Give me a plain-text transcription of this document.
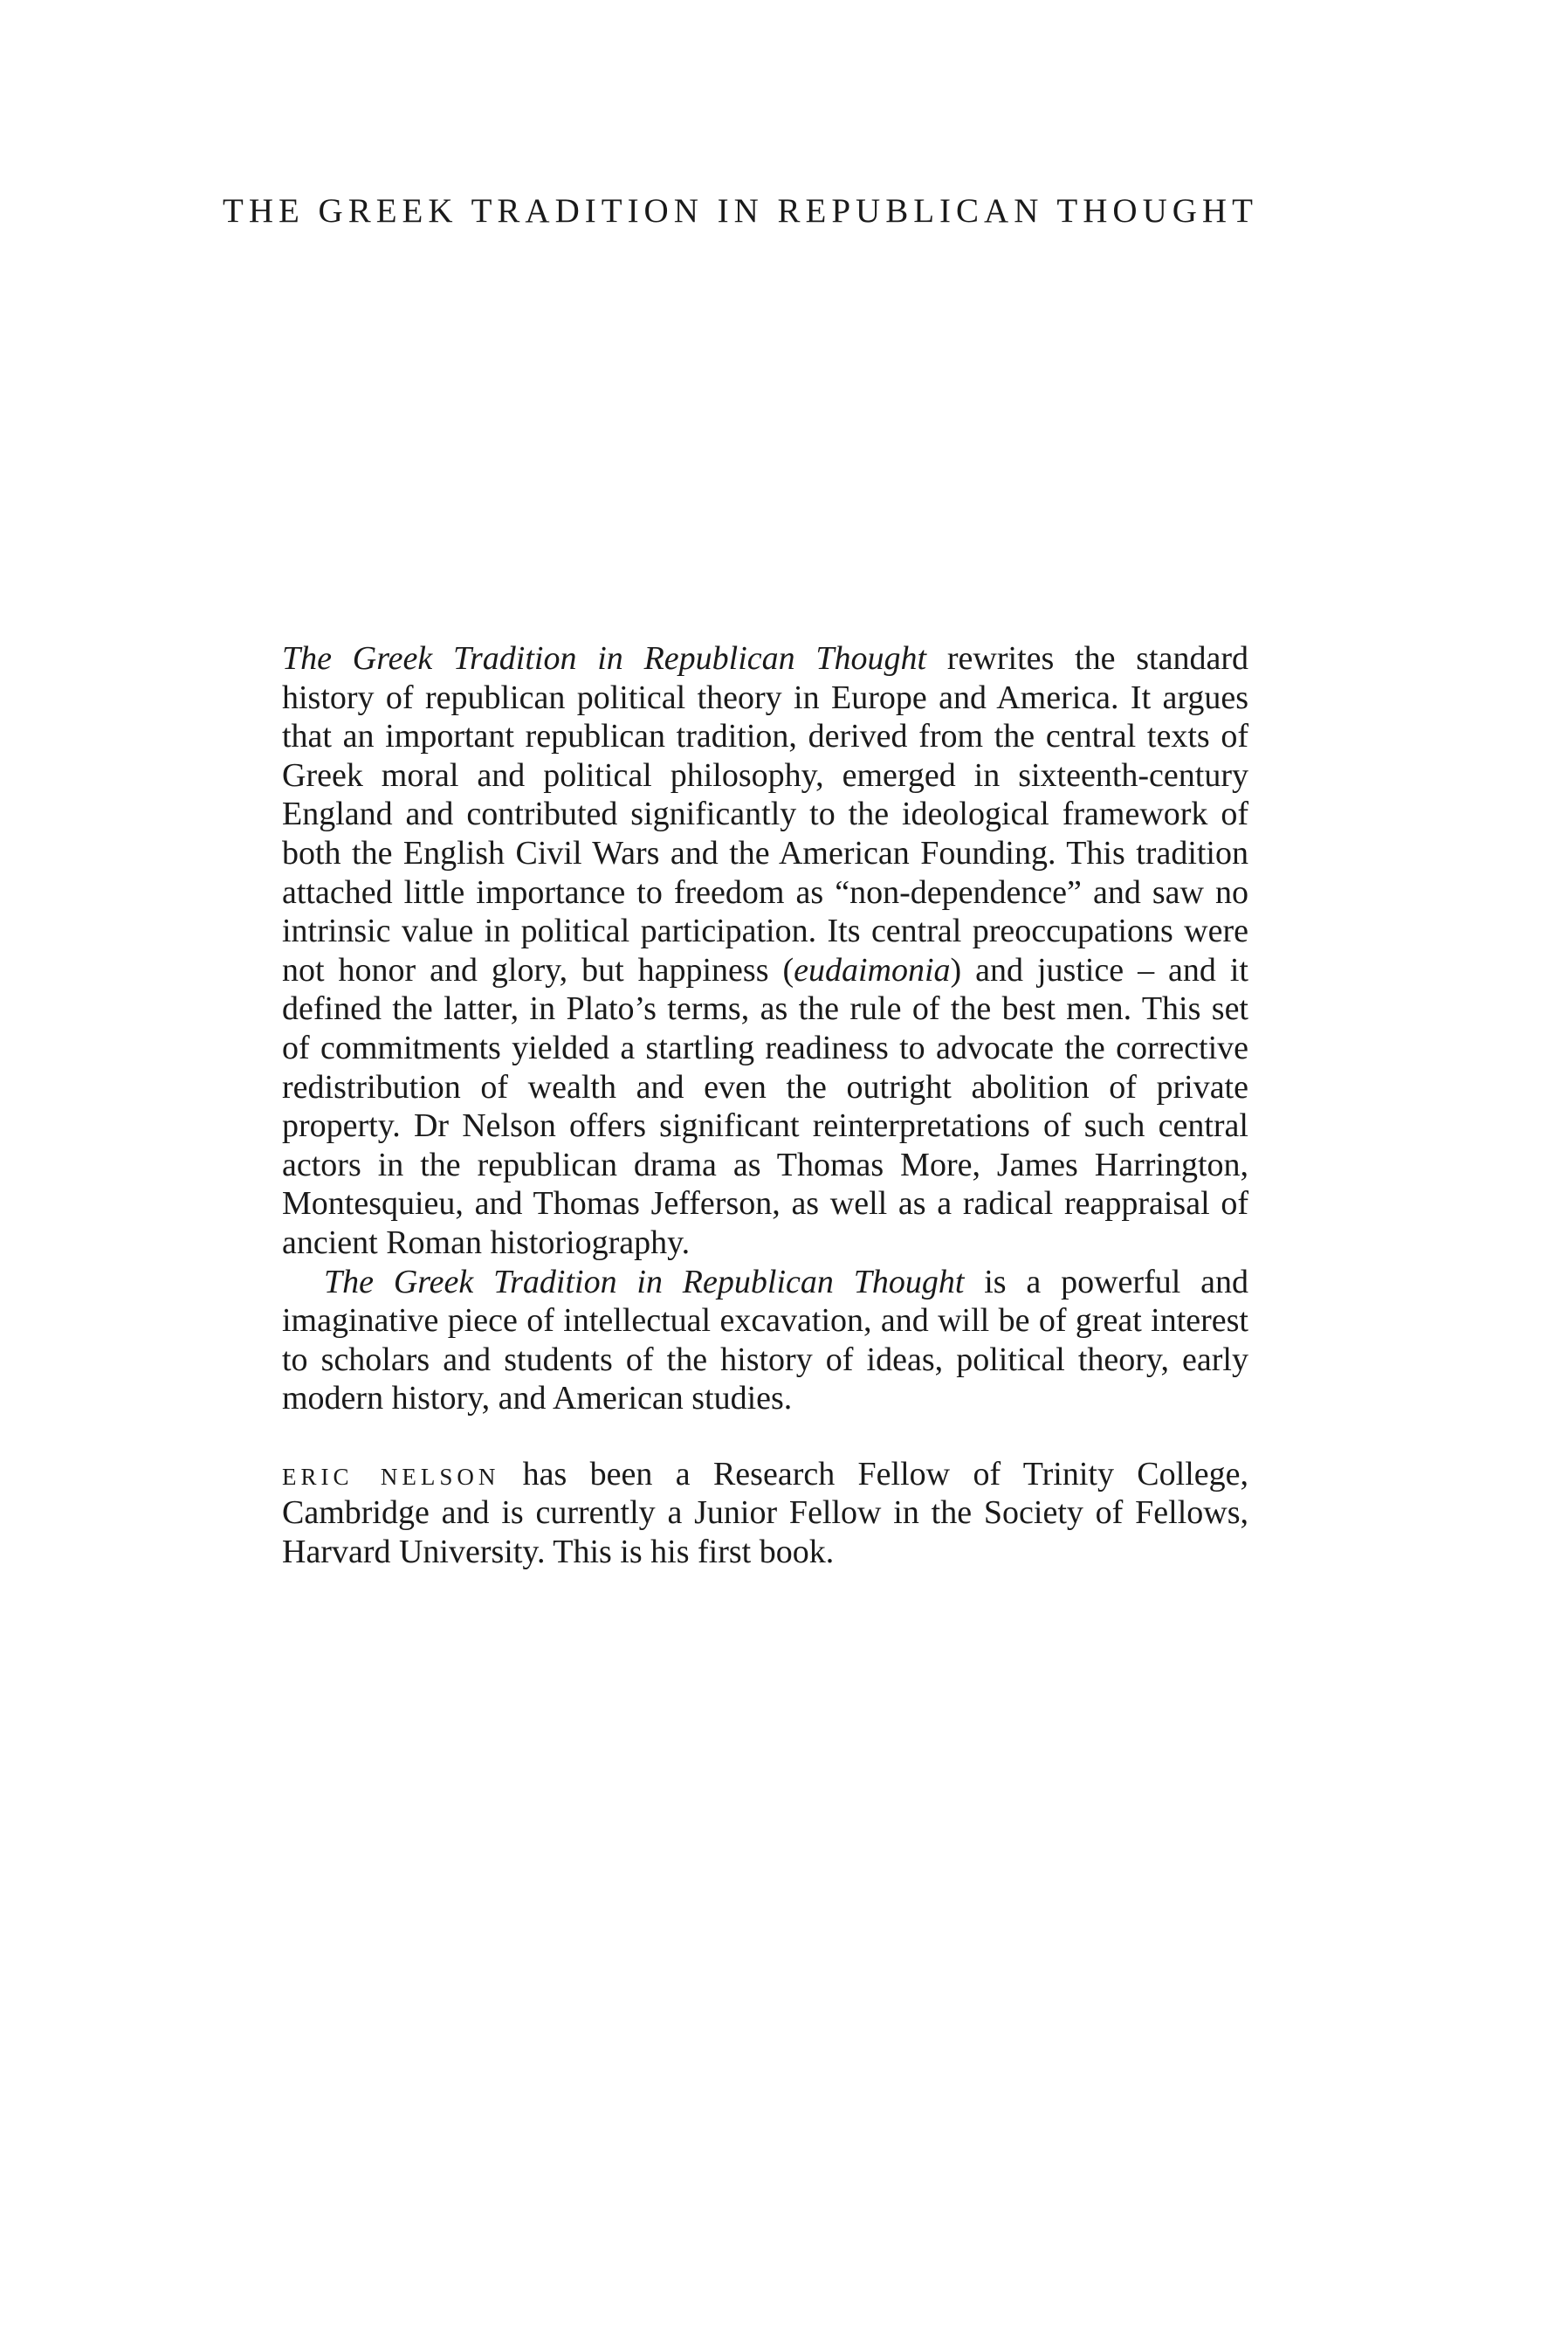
THE GREEK TRADITION IN REPUBLICAN THOUGHT

The Greek Tradition in Republican Thought rewrites the standard history of republican political theory in Europe and America. It argues that an important republican tradition, derived from the central texts of Greek moral and political philosophy, emerged in sixteenth-century England and contributed significantly to the ideological framework of both the English Civil Wars and the American Founding. This tradition attached little importance to freedom as “non-dependence” and saw no intrinsic value in political participation. Its central preoccupations were not honor and glory, but happiness (eudaimonia) and justice – and it defined the latter, in Plato’s terms, as the rule of the best men. This set of commitments yielded a startling readiness to advocate the corrective redistribution of wealth and even the outright abolition of private property. Dr Nelson offers significant reinterpretations of such central actors in the republican drama as Thomas More, James Harrington, Montesquieu, and Thomas Jefferson, as well as a radical reappraisal of ancient Roman historiography.

The Greek Tradition in Republican Thought is a powerful and imaginative piece of intellectual excavation, and will be of great interest to scholars and students of the history of ideas, political theory, early modern history, and American studies.

eric nelson has been a Research Fellow of Trinity College, Cambridge and is currently a Junior Fellow in the Society of Fellows, Harvard University. This is his first book.
